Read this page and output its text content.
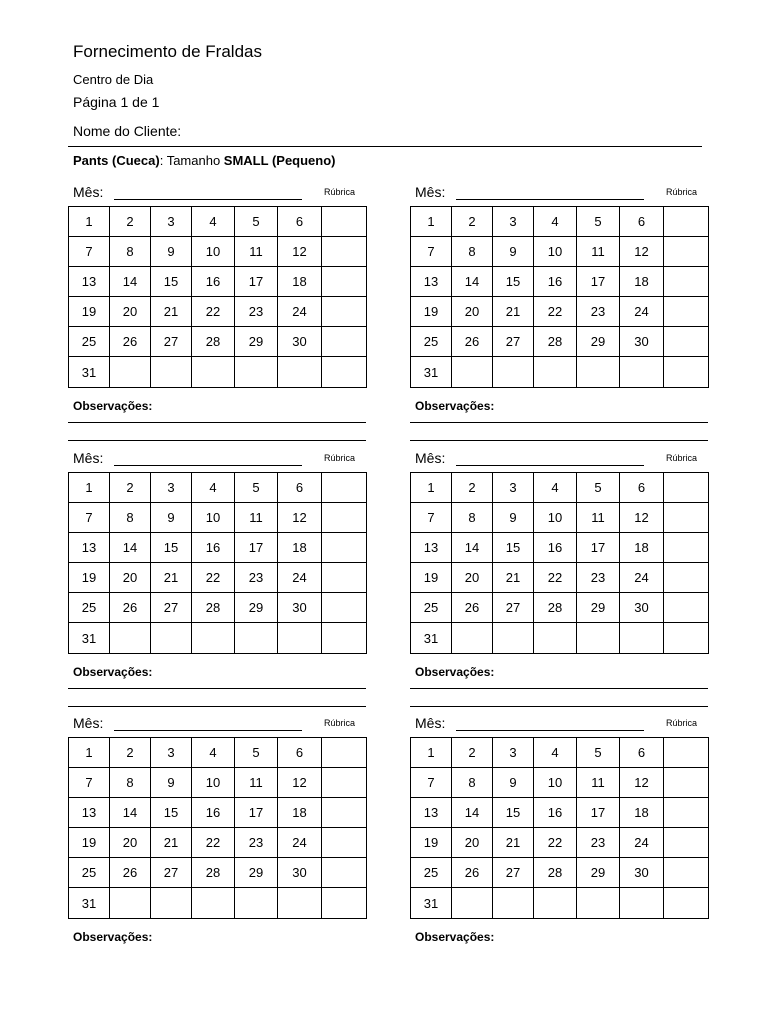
Fornecimento de Fraldas
Centro de Dia
Página 1 de 1
Nome do Cliente:
Pants (Cueca): Tamanho SMALL (Pequeno)
Mês:	Rúbrica
1	2	3	4	5	6	
7	8	9	10	11	12	
13	14	15	16	17	18	
19	20	21	22	23	24	
25	26	27	28	29	30	
31						
Observações:
Mês:	Rúbrica
1	2	3	4	5	6	
7	8	9	10	11	12	
13	14	15	16	17	18	
19	20	21	22	23	24	
25	26	27	28	29	30	
31						
Observações:
Mês:	Rúbrica
1	2	3	4	5	6	
7	8	9	10	11	12	
13	14	15	16	17	18	
19	20	21	22	23	24	
25	26	27	28	29	30	
31						
Observações:
Mês:	Rúbrica
1	2	3	4	5	6	
7	8	9	10	11	12	
13	14	15	16	17	18	
19	20	21	22	23	24	
25	26	27	28	29	30	
31						
Observações:
Mês:	Rúbrica
1	2	3	4	5	6	
7	8	9	10	11	12	
13	14	15	16	17	18	
19	20	21	22	23	24	
25	26	27	28	29	30	
31						
Observações:
Mês:	Rúbrica
1	2	3	4	5	6	
7	8	9	10	11	12	
13	14	15	16	17	18	
19	20	21	22	23	24	
25	26	27	28	29	30	
31						
Observações:
